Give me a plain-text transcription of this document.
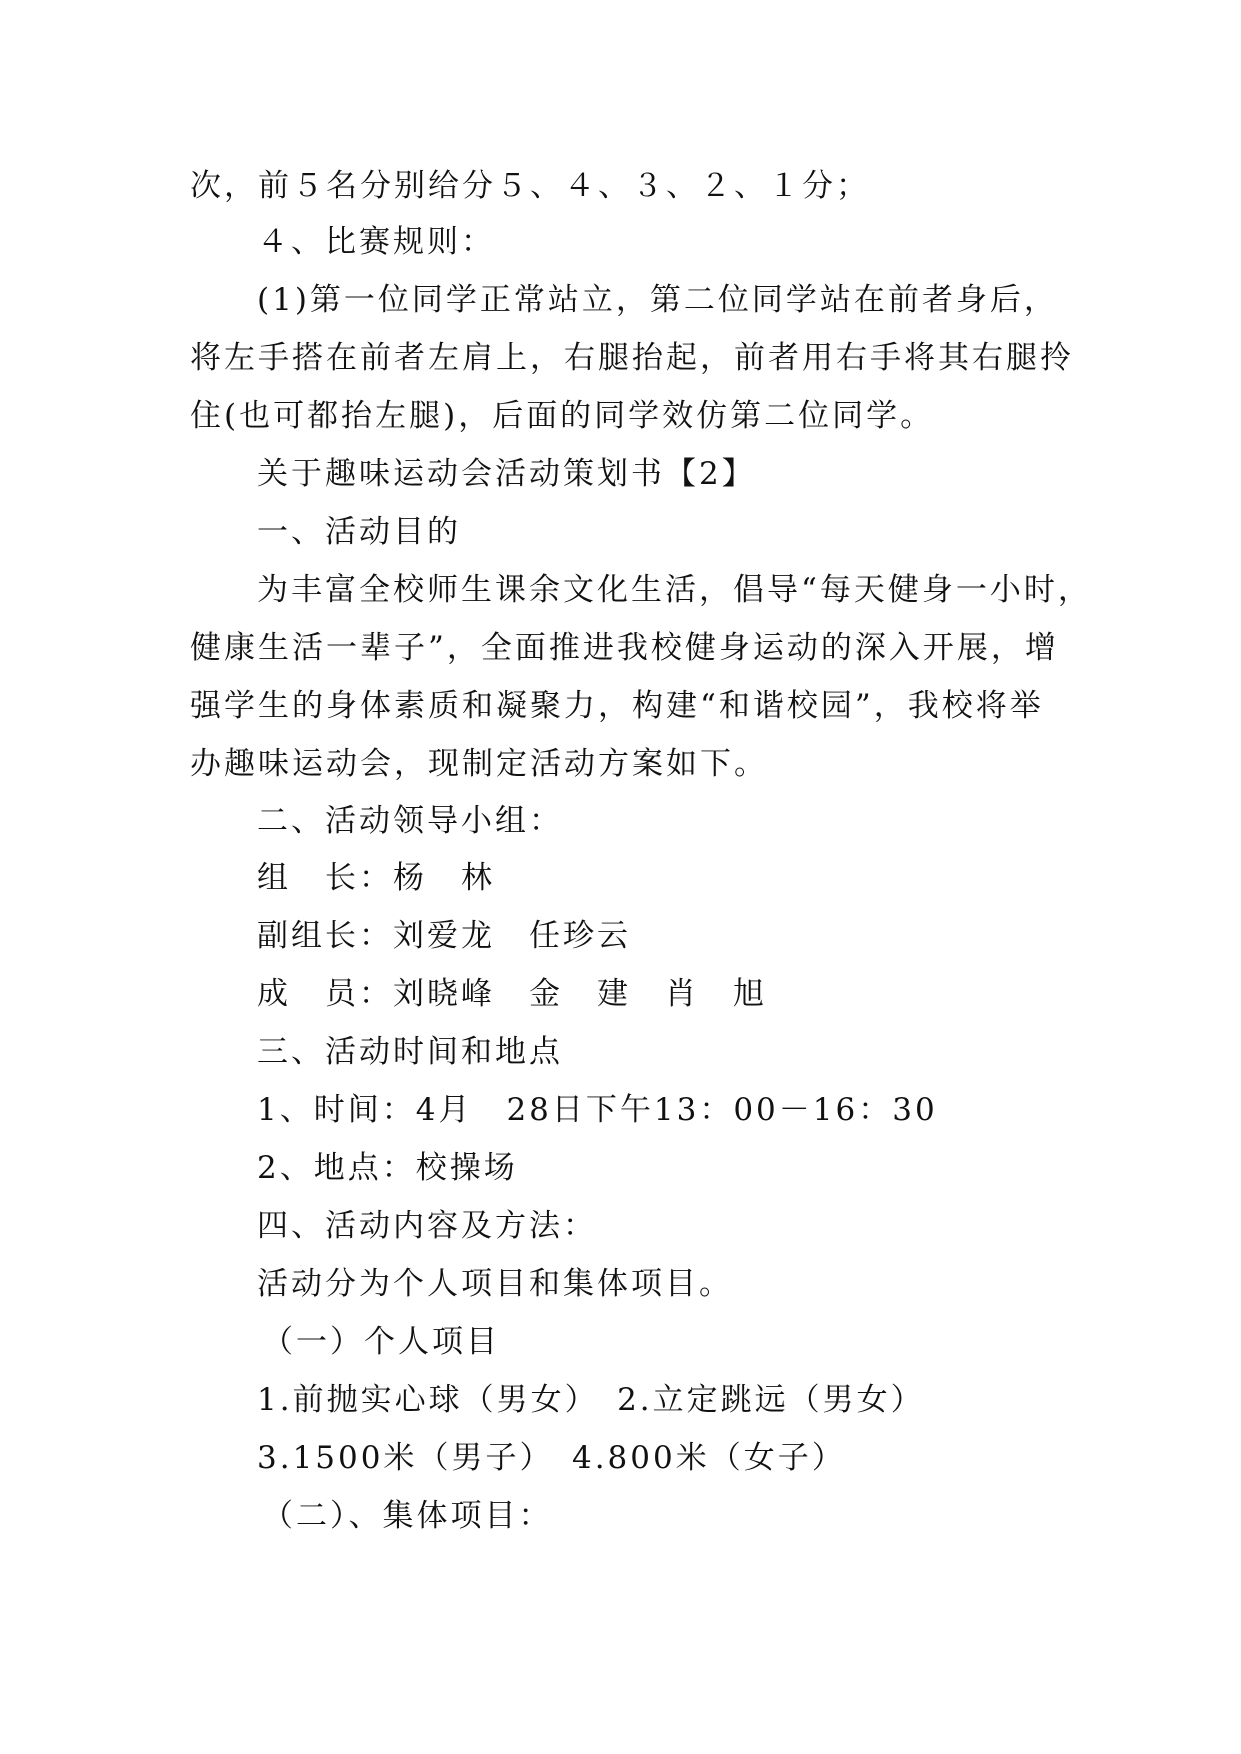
次，前５名分别给分５、４、３、２、１分；
４、比赛规则：
(1)第一位同学正常站立，第二位同学站在前者身后，
将左手搭在前者左肩上，右腿抬起，前者用右手将其右腿拎
住(也可都抬左腿)，后面的同学效仿第二位同学。
关于趣味运动会活动策划书【2】
一、活动目的
为丰富全校师生课余文化生活，倡导“每天健身一小时，
健康生活一辈子”，全面推进我校健身运动的深入开展，增
强学生的身体素质和凝聚力，构建“和谐校园”，我校将举
办趣味运动会，现制定活动方案如下。
二、活动领导小组：
组　长：杨　林
副组长：刘爱龙　任珍云
成　员：刘晓峰　金　建　肖　旭
三、活动时间和地点
1、时间：4月　28日下午13：00－16：30
2、地点：校操场
四、活动内容及方法：
活动分为个人项目和集体项目。
（一）个人项目
1.前抛实心球（男女）　2.立定跳远（男女）
3.1500米（男子）　4.800米（女子）
（二）、集体项目：
